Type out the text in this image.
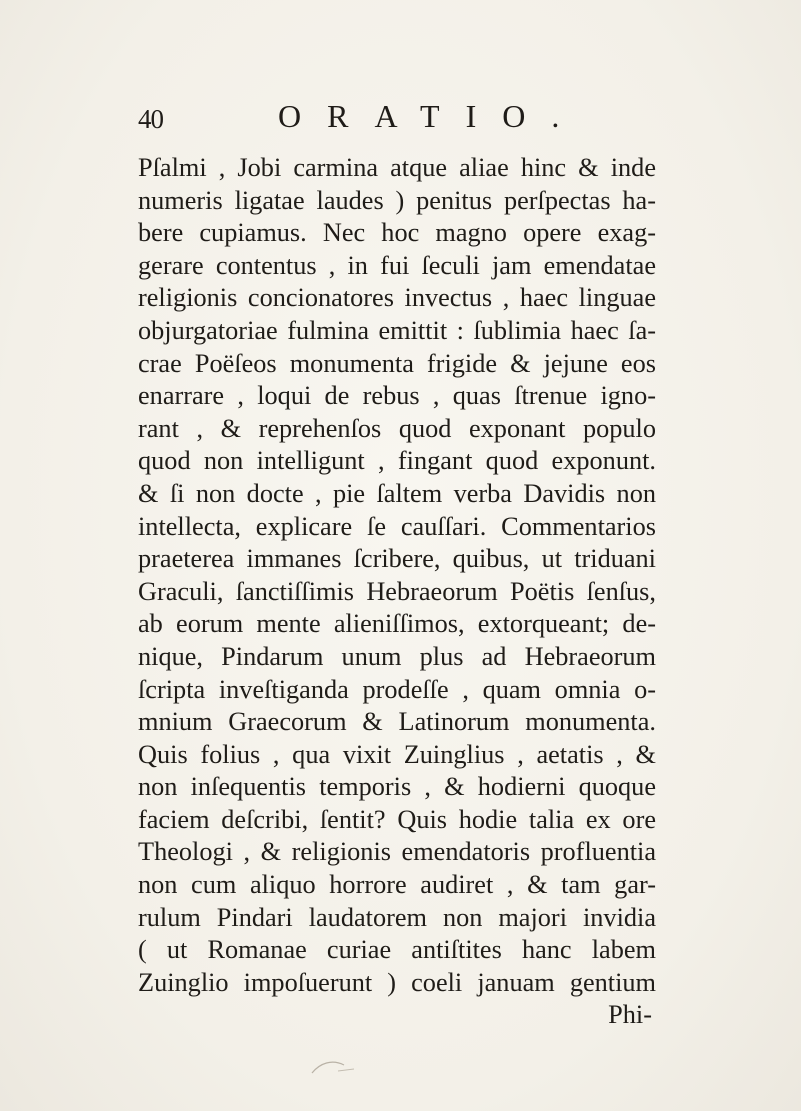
40	ORATIO.
Pſalmi , Jobi carmina atque aliae hinc & inde
numeris ligatae laudes ) penitus perſpectas ha-
bere cupiamus. Nec hoc magno opere exag-
gerare contentus , in fui ſeculi jam emendatae
religionis concionatores invectus , haec linguae
objurgatoriae fulmina emittit : ſublimia haec ſa-
crae Poëſeos monumenta frigide & jejune eos
enarrare , loqui de rebus , quas ſtrenue igno-
rant , & reprehenſos quod exponant populo
quod non intelligunt , fingant quod exponunt.
& ſi non docte , pie ſaltem verba Davidis non
intellecta, explicare ſe cauſſari. Commentarios
praeterea immanes ſcribere, quibus, ut triduani
Graculi, ſanctiſſimis Hebraeorum Poëtis ſenſus,
ab eorum mente alieniſſimos, extorqueant; de-
nique, Pindarum unum plus ad Hebraeorum
ſcripta inveſtiganda prodeſſe , quam omnia o-
mnium Graecorum & Latinorum monumenta.
Quis folius , qua vixit Zuinglius , aetatis , &
non inſequentis temporis , & hodierni quoque
faciem deſcribi, ſentit? Quis hodie talia ex ore
Theologi , & religionis emendatoris profluentia
non cum aliquo horrore audiret , & tam gar-
rulum Pindari laudatorem non majori invidia
( ut Romanae curiae antiſtites hanc labem
Zuinglio impoſuerunt ) coeli januam gentium
Phi-
